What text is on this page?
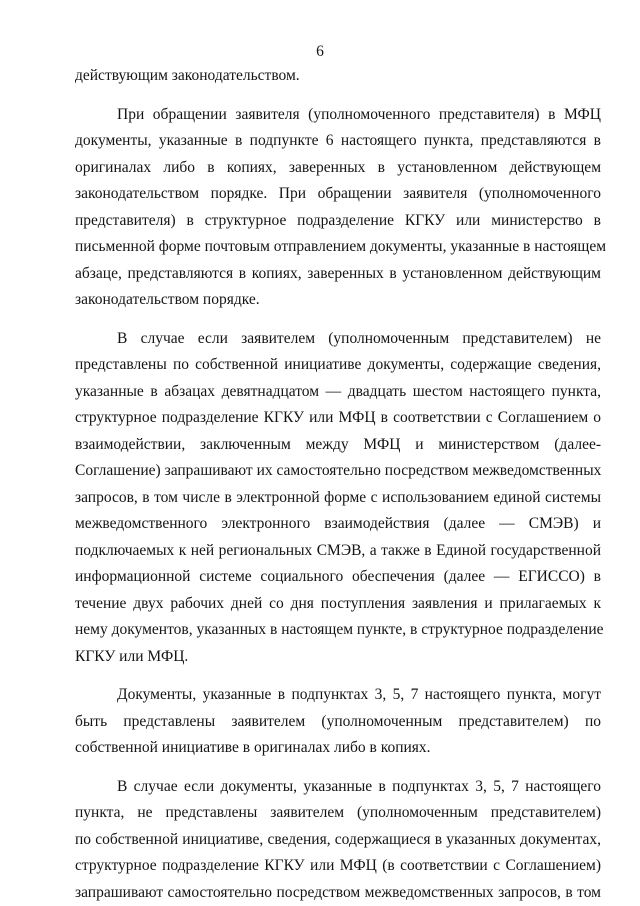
6
действующим законодательством.
При обращении заявителя (уполномоченного представителя) в МФЦ
документы, указанные в подпункте 6 настоящего пункта, представляются в
оригиналах либо в копиях, заверенных в установленном действующем
законодательством порядке. При обращении заявителя (уполномоченного
представителя) в структурное подразделение КГКУ или министерство в
письменной форме почтовым отправлением документы, указанные в настоящем
абзаце, представляются в копиях, заверенных в установленном действующим
законодательством порядке.
В случае если заявителем (уполномоченным представителем) не
представлены по собственной инициативе документы, содержащие сведения,
указанные в абзацах девятнадцатом — двадцать шестом настоящего пункта,
структурное подразделение КГКУ или МФЦ в соответствии с Соглашением о
взаимодействии, заключенным между МФЦ и министерством (далее-
Соглашение) запрашивают их самостоятельно посредством межведомственных
запросов, в том числе в электронной форме с использованием единой системы
межведомственного электронного взаимодействия (далее — СМЭВ) и
подключаемых к ней региональных СМЭВ, а также в Единой государственной
информационной системе социального обеспечения (далее — ЕГИССО) в
течение двух рабочих дней со дня поступления заявления и прилагаемых к
нему документов, указанных в настоящем пункте, в структурное подразделение
КГКУ или МФЦ.
Документы, указанные в подпунктах 3, 5, 7 настоящего пункта, могут
быть представлены заявителем (уполномоченным представителем) по
собственной инициативе в оригиналах либо в копиях.
В случае если документы, указанные в подпунктах 3, 5, 7 настоящего
пункта, не представлены заявителем (уполномоченным представителем)
по собственной инициативе, сведения, содержащиеся в указанных документах,
структурное подразделение КГКУ или МФЦ (в соответствии с Соглашением)
запрашивают самостоятельно посредством межведомственных запросов, в том
